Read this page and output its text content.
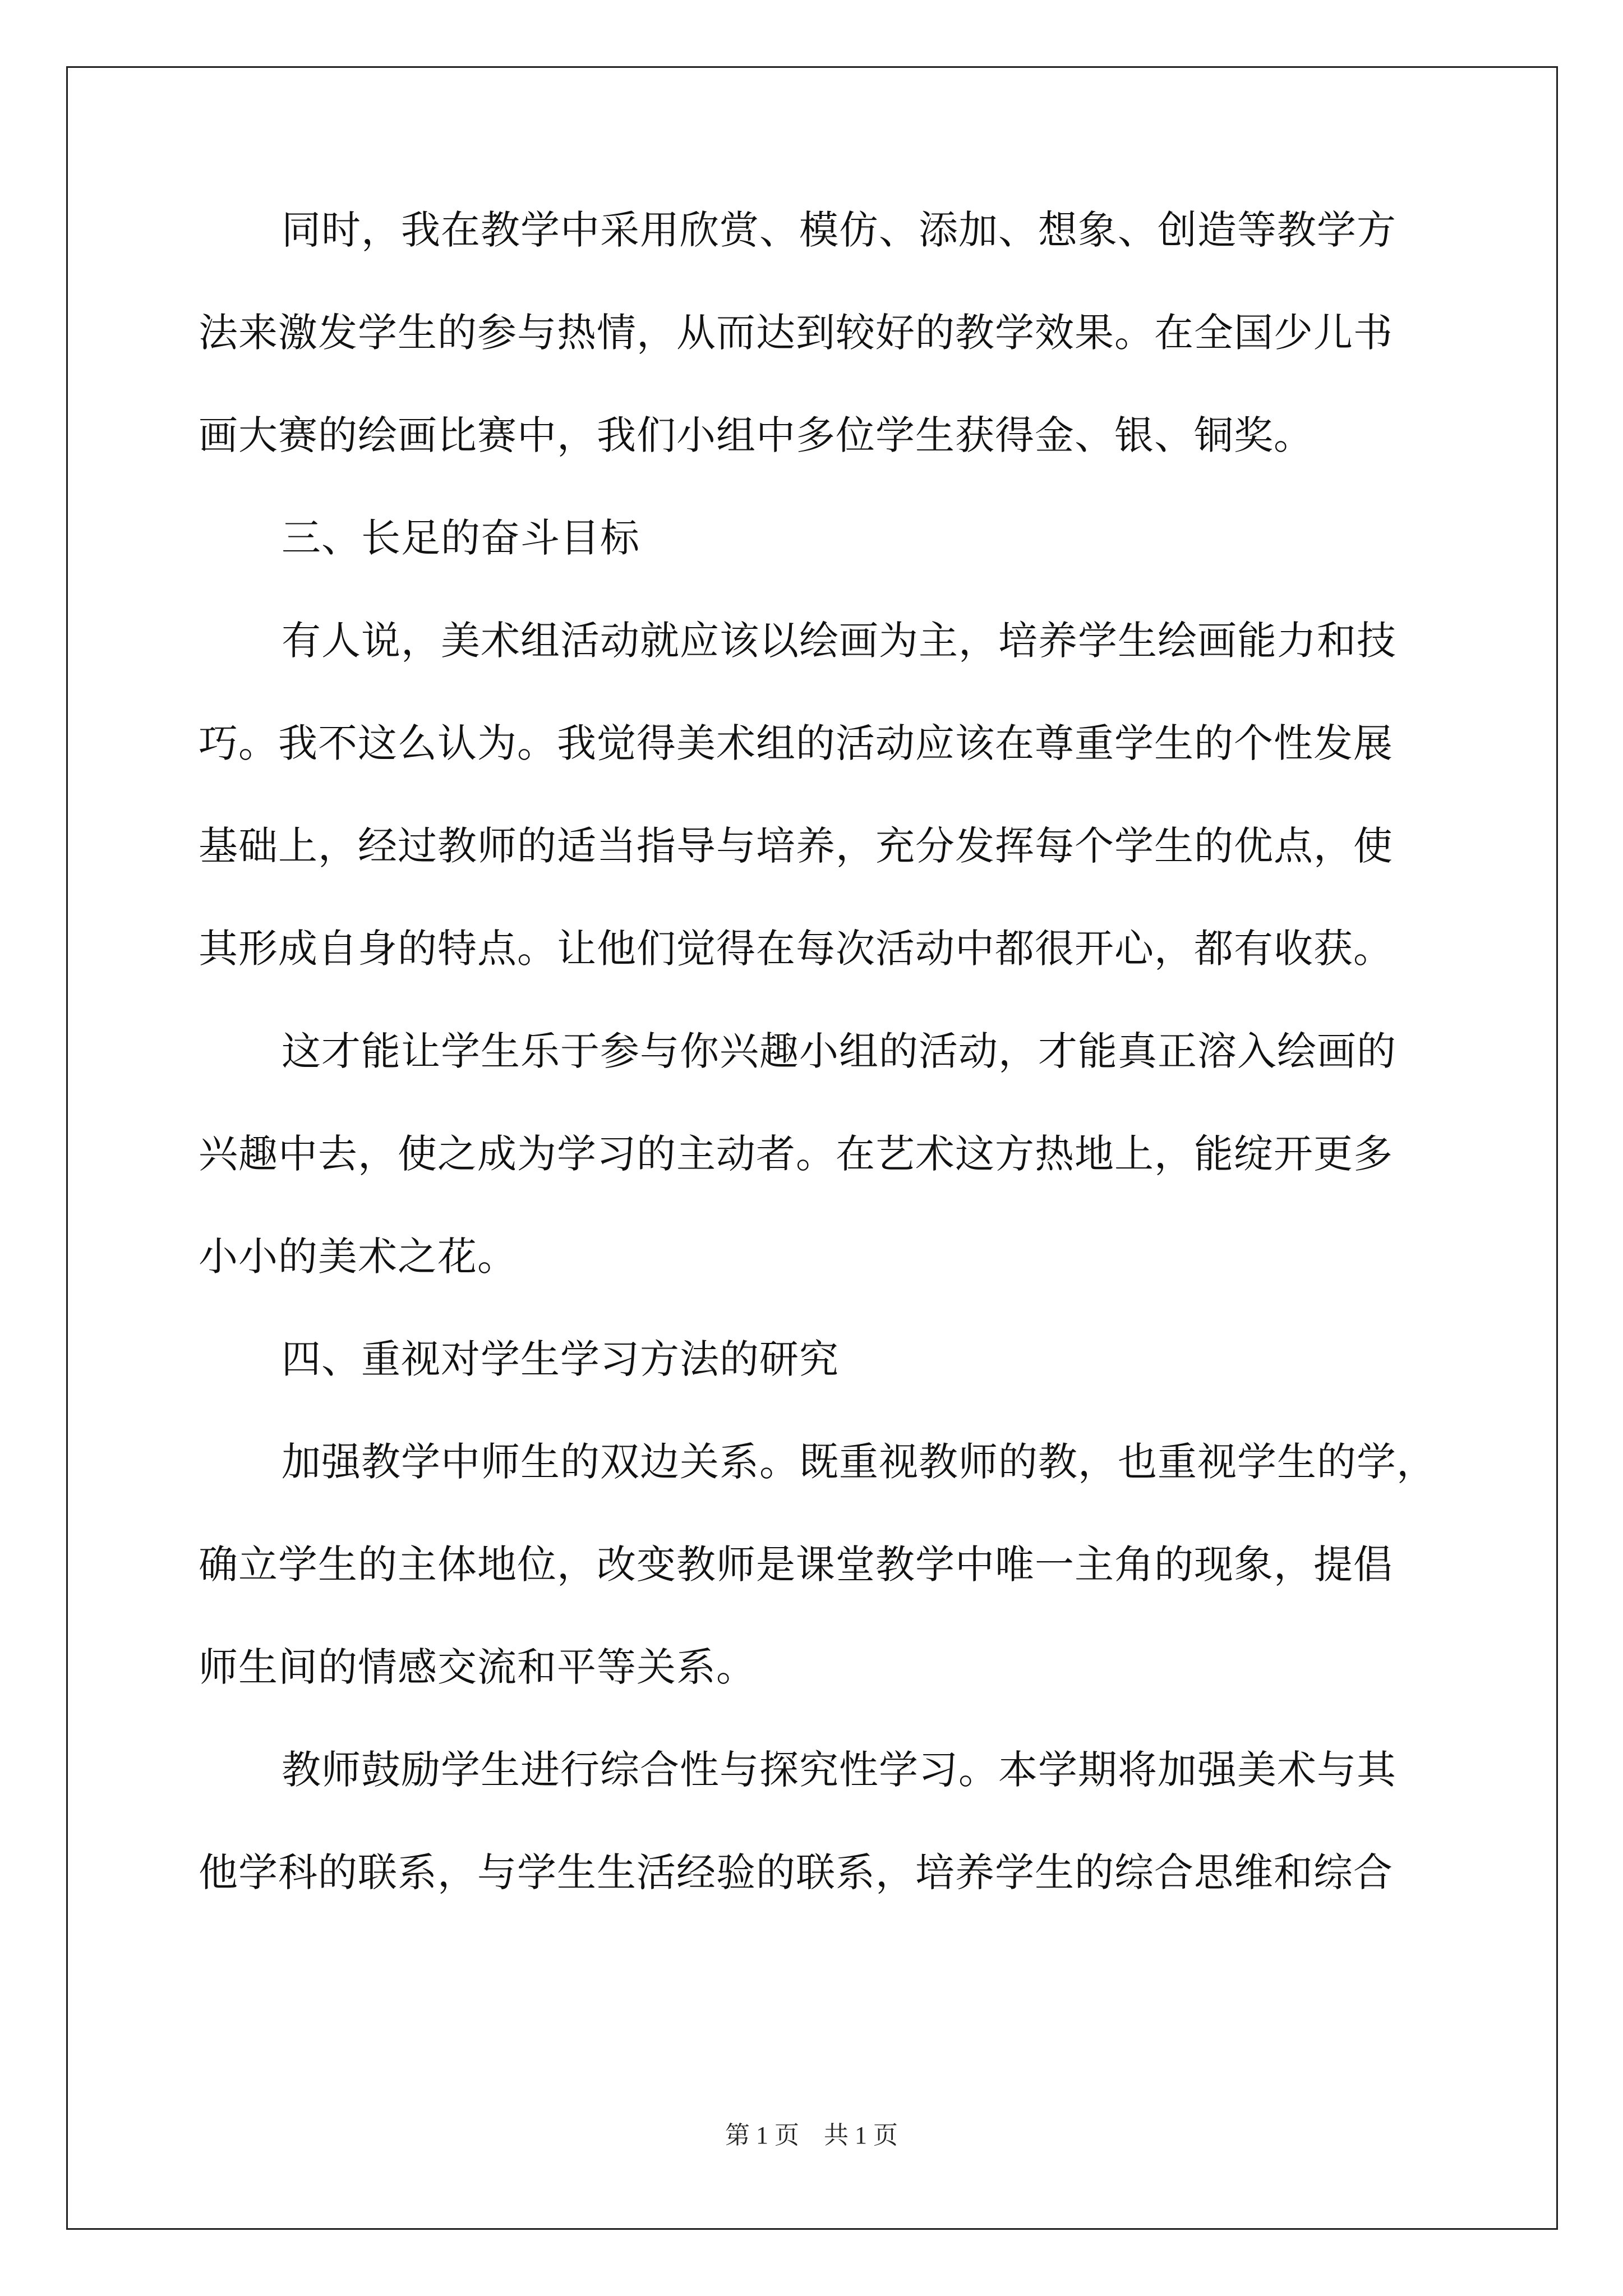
同时，我在教学中采用欣赏、模仿、添加、想象、创造等教学方
法来激发学生的参与热情，从而达到较好的教学效果。在全国少儿书
画大赛的绘画比赛中，我们小组中多位学生获得金、银、铜奖。
三、长足的奋斗目标
有人说，美术组活动就应该以绘画为主，培养学生绘画能力和技
巧。我不这么认为。我觉得美术组的活动应该在尊重学生的个性发展
基础上，经过教师的适当指导与培养，充分发挥每个学生的优点，使
其形成自身的特点。让他们觉得在每次活动中都很开心，都有收获。
这才能让学生乐于参与你兴趣小组的活动，才能真正溶入绘画的
兴趣中去，使之成为学习的主动者。在艺术这方热地上，能绽开更多
小小的美术之花。
四、重视对学生学习方法的研究
加强教学中师生的双边关系。既重视教师的教，也重视学生的学，
确立学生的主体地位，改变教师是课堂教学中唯一主角的现象，提倡
师生间的情感交流和平等关系。
教师鼓励学生进行综合性与探究性学习。本学期将加强美术与其
他学科的联系，与学生生活经验的联系，培养学生的综合思维和综合
第 1 页　共 1 页
